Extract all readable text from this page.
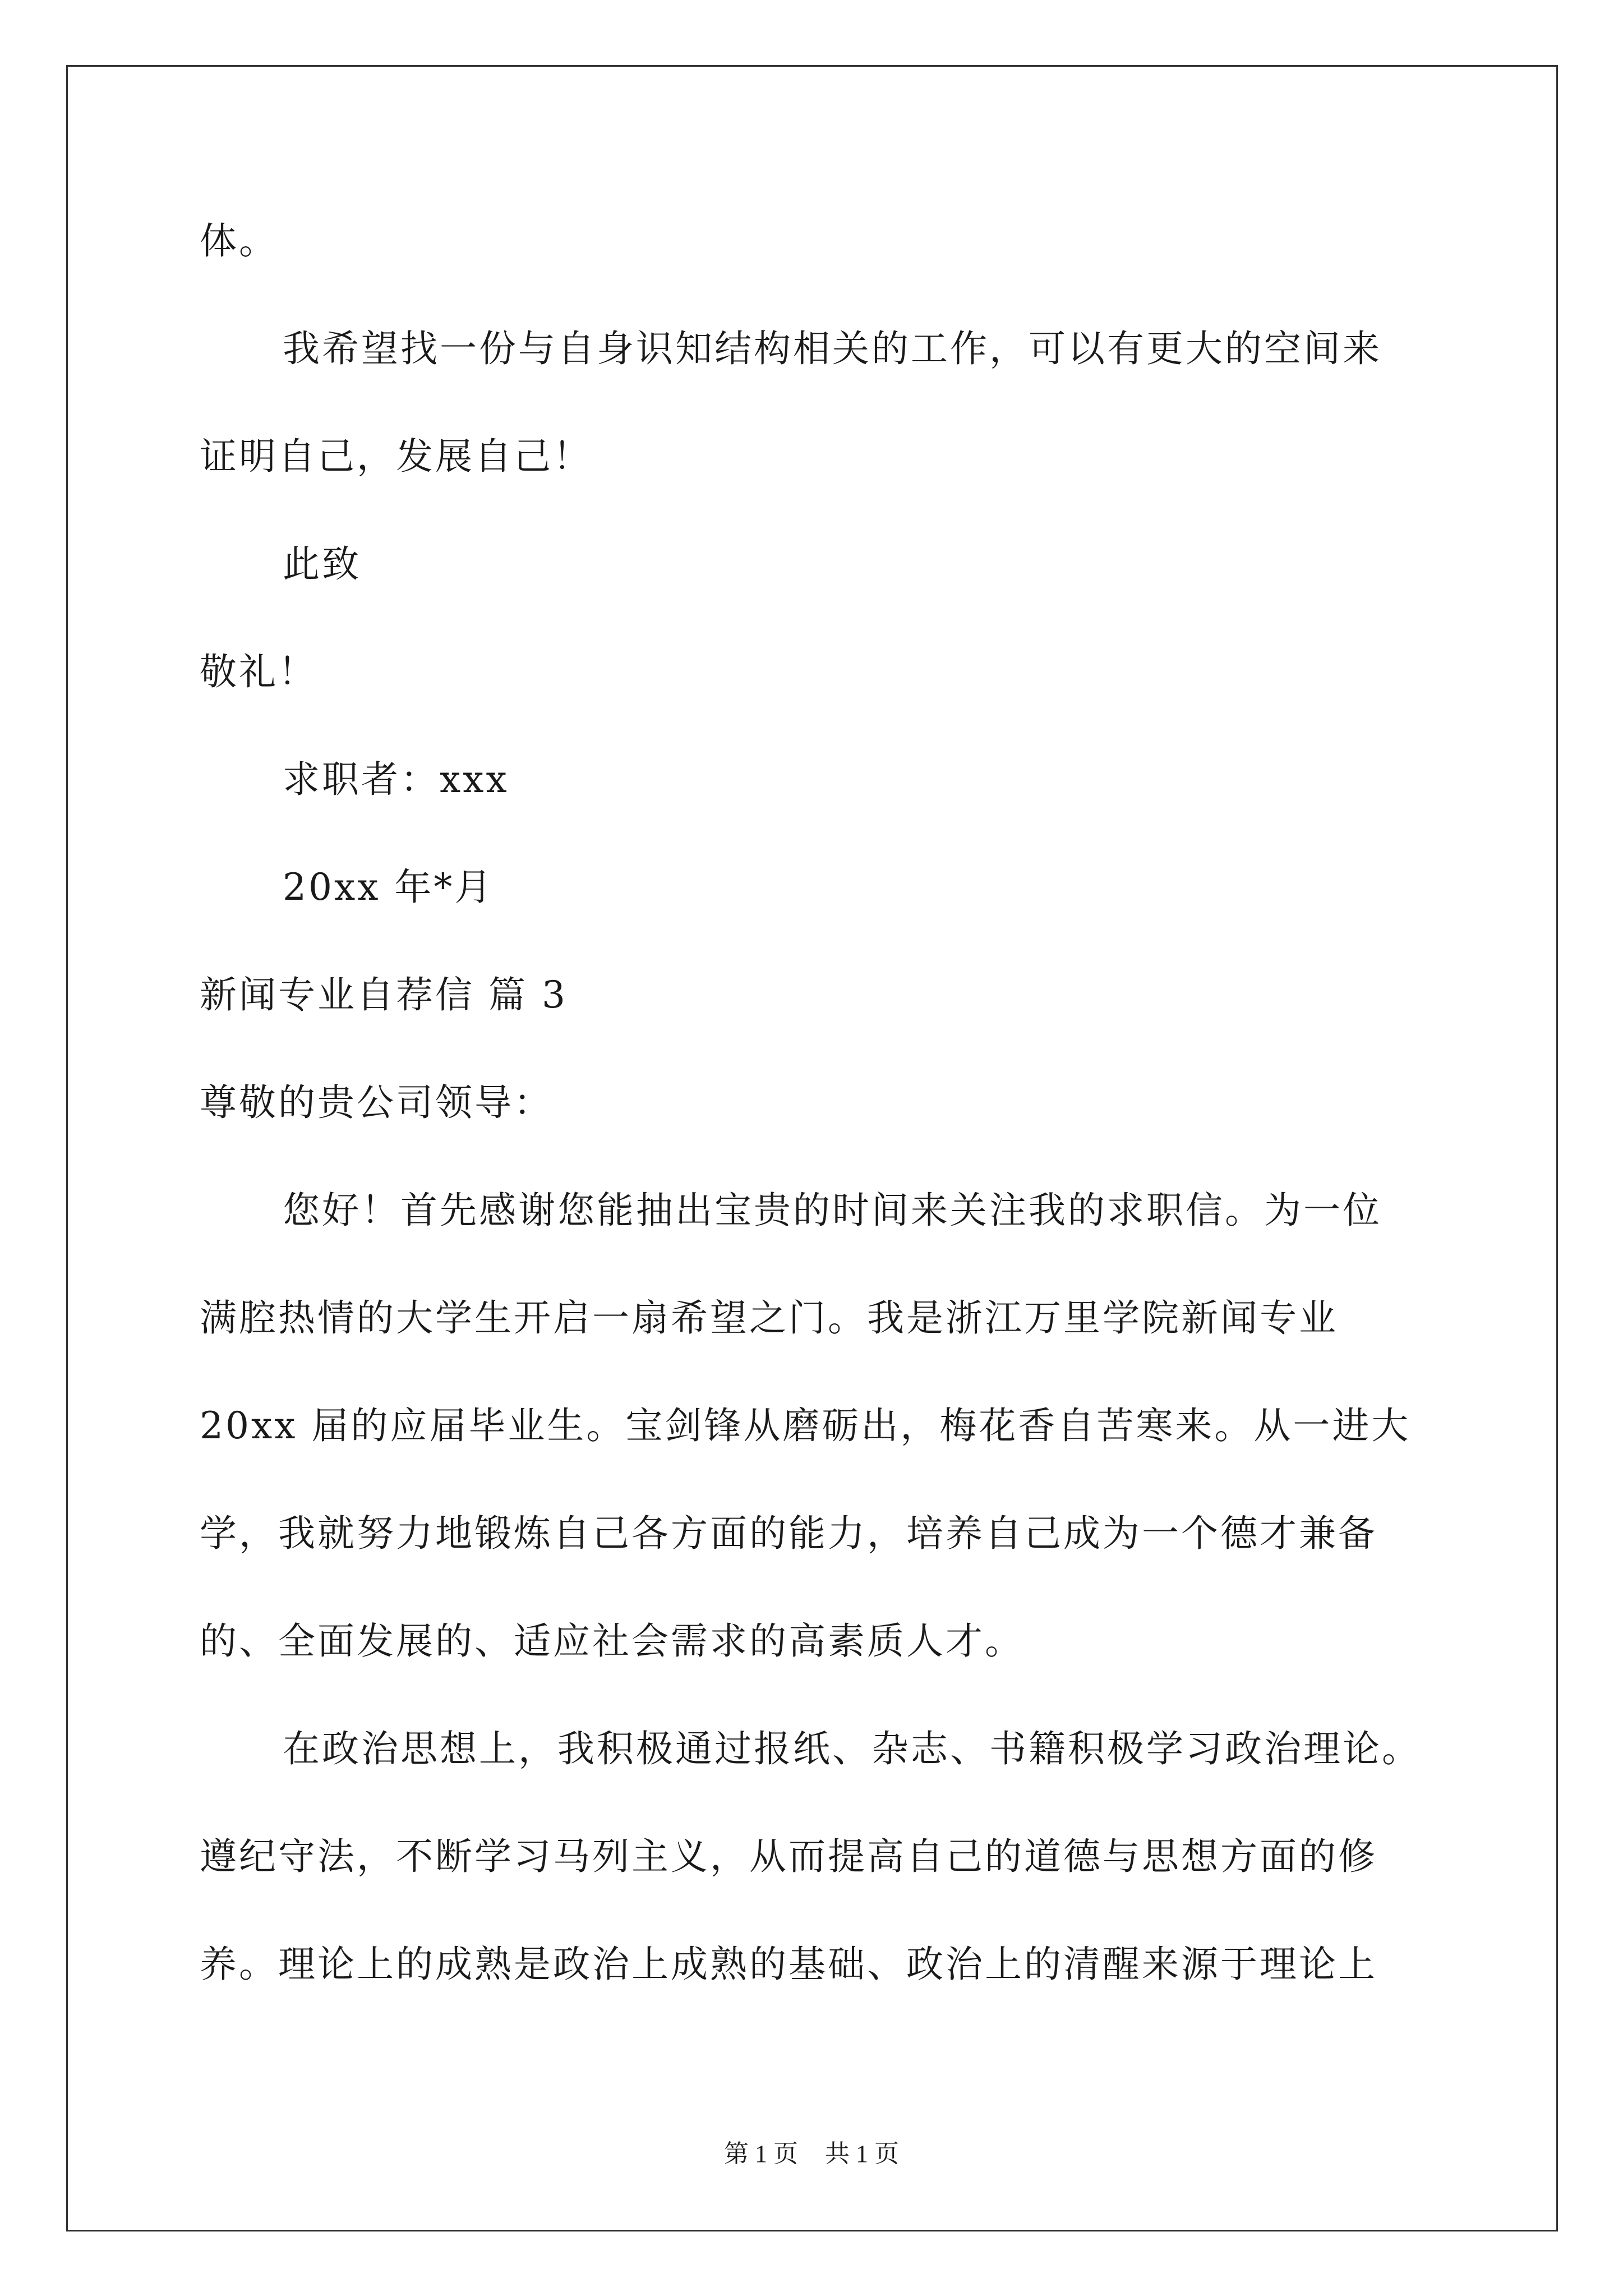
体。
我希望找一份与自身识知结构相关的工作，可以有更大的空间来
证明自己，发展自己！
此致
敬礼！
求职者：xxx
20xx 年*月
新闻专业自荐信 篇 3
尊敬的贵公司领导：
您好！首先感谢您能抽出宝贵的时间来关注我的求职信。为一位
满腔热情的大学生开启一扇希望之门。我是浙江万里学院新闻专业
20xx 届的应届毕业生。宝剑锋从磨砺出，梅花香自苦寒来。从一进大
学，我就努力地锻炼自己各方面的能力，培养自己成为一个德才兼备
的、全面发展的、适应社会需求的高素质人才。
在政治思想上，我积极通过报纸、杂志、书籍积极学习政治理论。
遵纪守法，不断学习马列主义，从而提高自己的道德与思想方面的修
养。理论上的成熟是政治上成熟的基础、政治上的清醒来源于理论上
第 1 页 共 1 页
